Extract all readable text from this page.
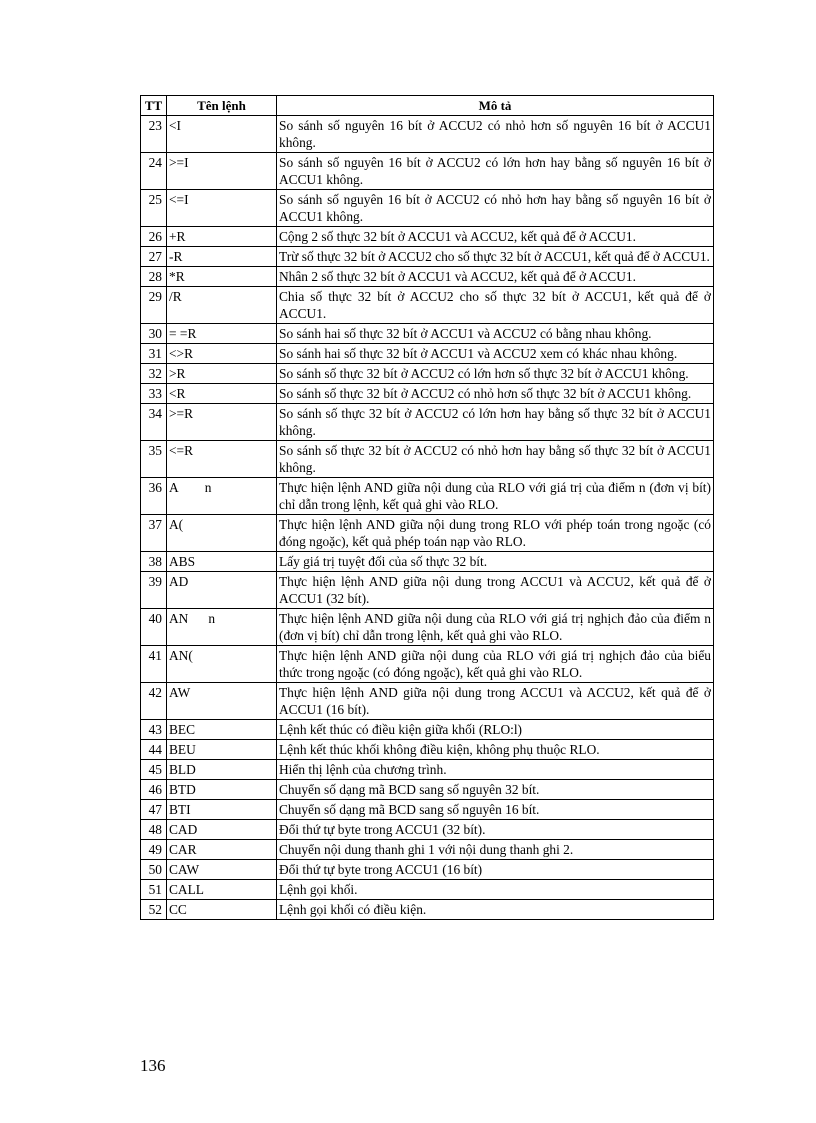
TT	Tên lệnh	Mô tả
23	<I	So sánh số nguyên 16 bít ở ACCU2 có nhỏ hơn số nguyên 16 bít ở ACCU1 không.
24	>=I	So sánh số nguyên 16 bít ở ACCU2 có lớn hơn hay bằng số nguyên 16 bít ở ACCU1 không.
25	<=I	So sánh số nguyên 16 bít ở ACCU2 có nhỏ hơn hay bằng số nguyên 16 bít ở ACCU1 không.
26	+R	Cộng 2 số thực 32 bít ở ACCU1 và ACCU2, kết quả để ở ACCU1.
27	-R	Trừ số thực 32 bít ở ACCU2 cho số thực 32 bít ở ACCU1, kết quả để ở ACCU1.
28	*R	Nhân 2 số thực 32 bít ở ACCU1 và ACCU2, kết quả để ở ACCU1.
29	/R	Chia số thực 32 bít ở ACCU2 cho số thực 32 bít ở ACCU1, kết quả để ở ACCU1.
30	= =R	So sánh hai số thực 32 bít ở ACCU1 và ACCU2 có bằng nhau không.
31	<>R	So sánh hai số thực 32 bít ở ACCU1 và ACCU2 xem có khác nhau không.
32	>R	So sánh số thực 32 bít ở ACCU2 có lớn hơn số thực 32 bít ở ACCU1 không.
33	<R	So sánh số thực 32 bít ở ACCU2 có nhỏ hơn số thực 32 bít ở ACCU1 không.
34	>=R	So sánh số thực 32 bít ở ACCU2 có lớn hơn hay bằng số thực 32 bít ở ACCU1 không.
35	<=R	So sánh số thực 32 bít ở ACCU2 có nhỏ hơn hay bằng số thực 32 bít ở ACCU1 không.
36	A        n	Thực hiện lệnh AND giữa nội dung của RLO với giá trị của điểm n (đơn vị bít) chỉ dẫn trong lệnh, kết quả ghi vào RLO.
37	A(	Thực hiện lệnh AND giữa nội dung trong RLO với phép toán trong ngoặc (có đóng ngoặc), kết quả phép toán nạp vào RLO.
38	ABS	Lấy giá trị tuyệt đối của số thực 32 bít.
39	AD	Thực hiện lệnh AND giữa nội dung trong ACCU1 và ACCU2, kết quả để ở ACCU1 (32 bít).
40	AN      n	Thực hiện lệnh AND giữa nội dung của RLO với giá trị nghịch đảo của điểm n (đơn vị bít) chỉ dẫn trong lệnh, kết quả ghi vào RLO.
41	AN(	Thực hiện lệnh AND giữa nội dung của RLO với giá trị nghịch đảo của biểu thức trong ngoặc (có đóng ngoặc), kết quả ghi vào RLO.
42	AW	Thực hiện lệnh AND giữa nội dung trong ACCU1 và ACCU2, kết quả để ở ACCU1 (16 bít).
43	BEC	Lệnh kết thúc có điều kiện giữa khối (RLO:l)
44	BEU	Lệnh kết thúc khối không điều kiện, không phụ thuộc RLO.
45	BLD	Hiển thị lệnh của chương trình.
46	BTD	Chuyển số dạng mã BCD sang số nguyên 32 bít.
47	BTI	Chuyển số dạng mã BCD sang số nguyên 16 bít.
48	CAD	Đổi thứ tự byte trong ACCU1 (32 bít).
49	CAR	Chuyển nội dung thanh ghi 1 với nội dung thanh ghi 2.
50	CAW	Đổi thứ tự byte trong ACCU1 (16 bít)
51	CALL	Lệnh gọi khối.
52	CC	Lệnh gọi khối có điều kiện.
136
